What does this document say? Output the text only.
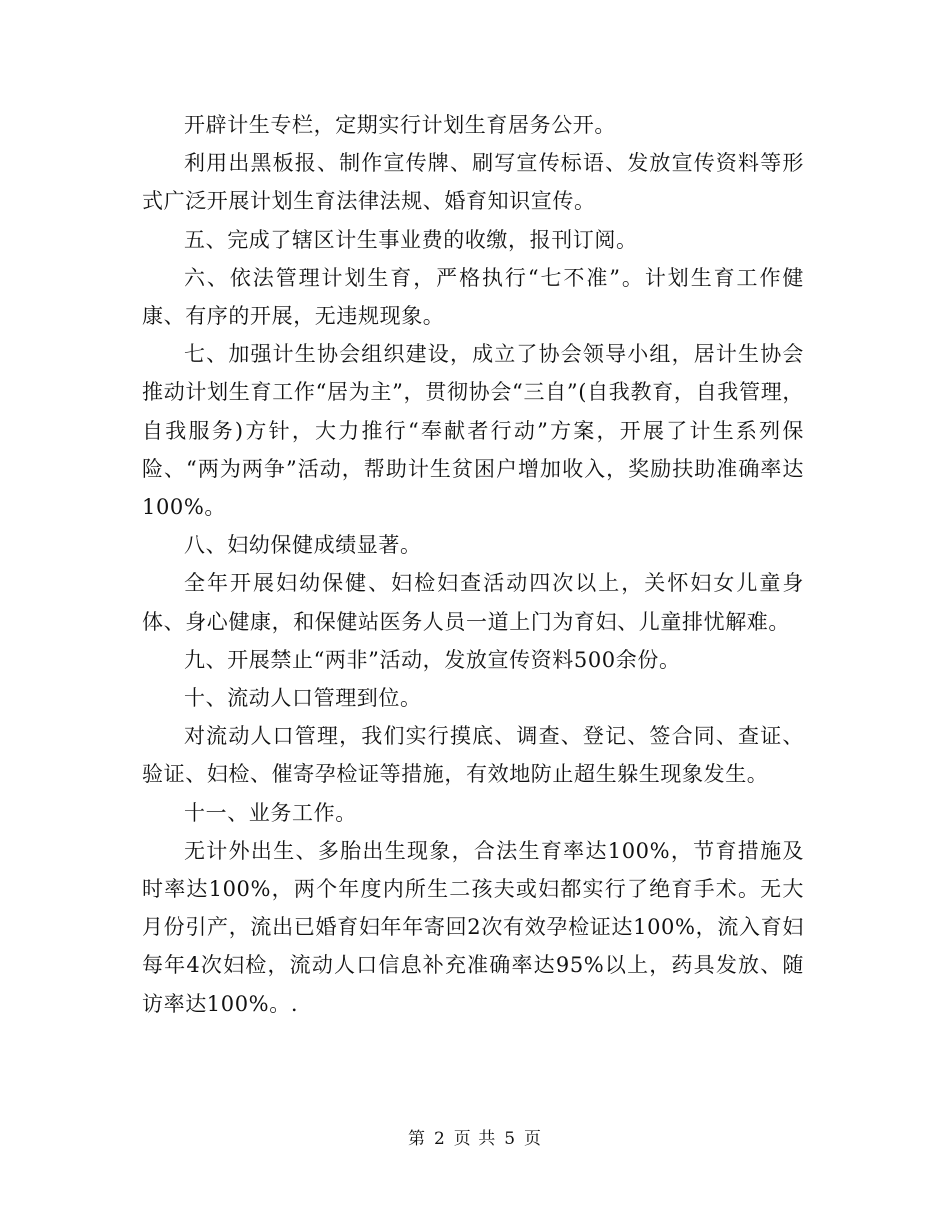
开辟计生专栏，定期实行计划生育居务公开。

利用出黑板报、制作宣传牌、刷写宣传标语、发放宣传资料等形式广泛开展计划生育法律法规、婚育知识宣传。

五、完成了辖区计生事业费的收缴，报刊订阅。

六、依法管理计划生育，严格执行“七不准”。计划生育工作健康、有序的开展，无违规现象。

七、加强计生协会组织建设，成立了协会领导小组，居计生协会推动计划生育工作“居为主”，贯彻协会“三自”(自我教育，自我管理，自我服务)方针，大力推行“奉献者行动”方案，开展了计生系列保险、“两为两争”活动，帮助计生贫困户增加收入，奖励扶助准确率达100%。

八、妇幼保健成绩显著。

全年开展妇幼保健、妇检妇查活动四次以上，关怀妇女儿童身体、身心健康，和保健站医务人员一道上门为育妇、儿童排忧解难。

九、开展禁止“两非”活动，发放宣传资料500余份。

十、流动人口管理到位。

对流动人口管理，我们实行摸底、调查、登记、签合同、查证、验证、妇检、催寄孕检证等措施，有效地防止超生躲生现象发生。

十一、业务工作。

无计外出生、多胎出生现象，合法生育率达100%，节育措施及时率达100%，两个年度内所生二孩夫或妇都实行了绝育手术。无大月份引产，流出已婚育妇年年寄回2次有效孕检证达100%，流入育妇每年4次妇检，流动人口信息补充准确率达95%以上，药具发放、随访率达100%。.

第 2 页 共 5 页
